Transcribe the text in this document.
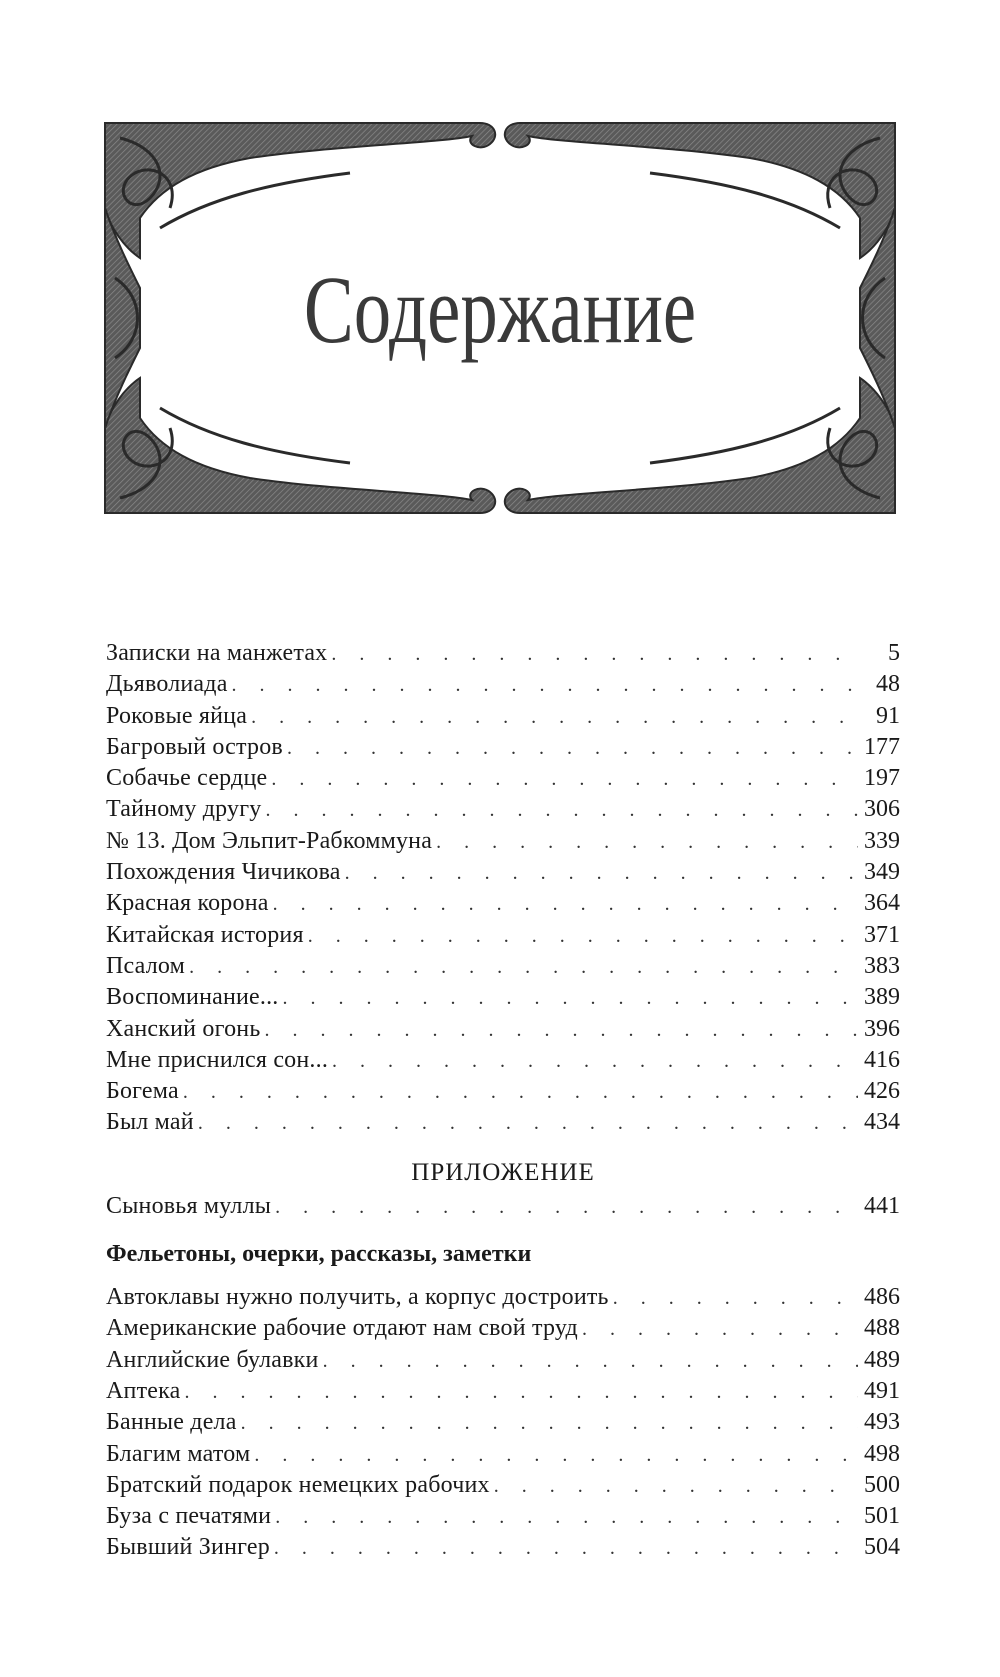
Содержание
Записки на манжетах . . .	5
Дьяволиада . . .	48
Роковые яйца . . .	91
Багровый остров . . .	177
Собачье сердце . . .	197
Тайному другу . . .	306
№ 13. Дом Эльпит-Рабкоммуна . . .	339
Похождения Чичикова . . .	349
Красная корона . . .	364
Китайская история . . .	371
Псалом . . .	383
Воспоминание... . . .	389
Ханский огонь . . .	396
Мне приснился сон... . . .	416
Богема . . .	426
Был май . . .	434
ПРИЛОЖЕНИЕ
Сыновья муллы . . .	441
Фельетоны, очерки, рассказы, заметки
Автоклавы нужно получить, а корпус достроить . . .	486
Американские рабочие отдают нам свой труд . . .	488
Английские булавки . . .	489
Аптека . . .	491
Банные дела . . .	493
Благим матом . . .	498
Братский подарок немецких рабочих . . .	500
Буза с печатями . . .	501
Бывший Зингер . . .	504
